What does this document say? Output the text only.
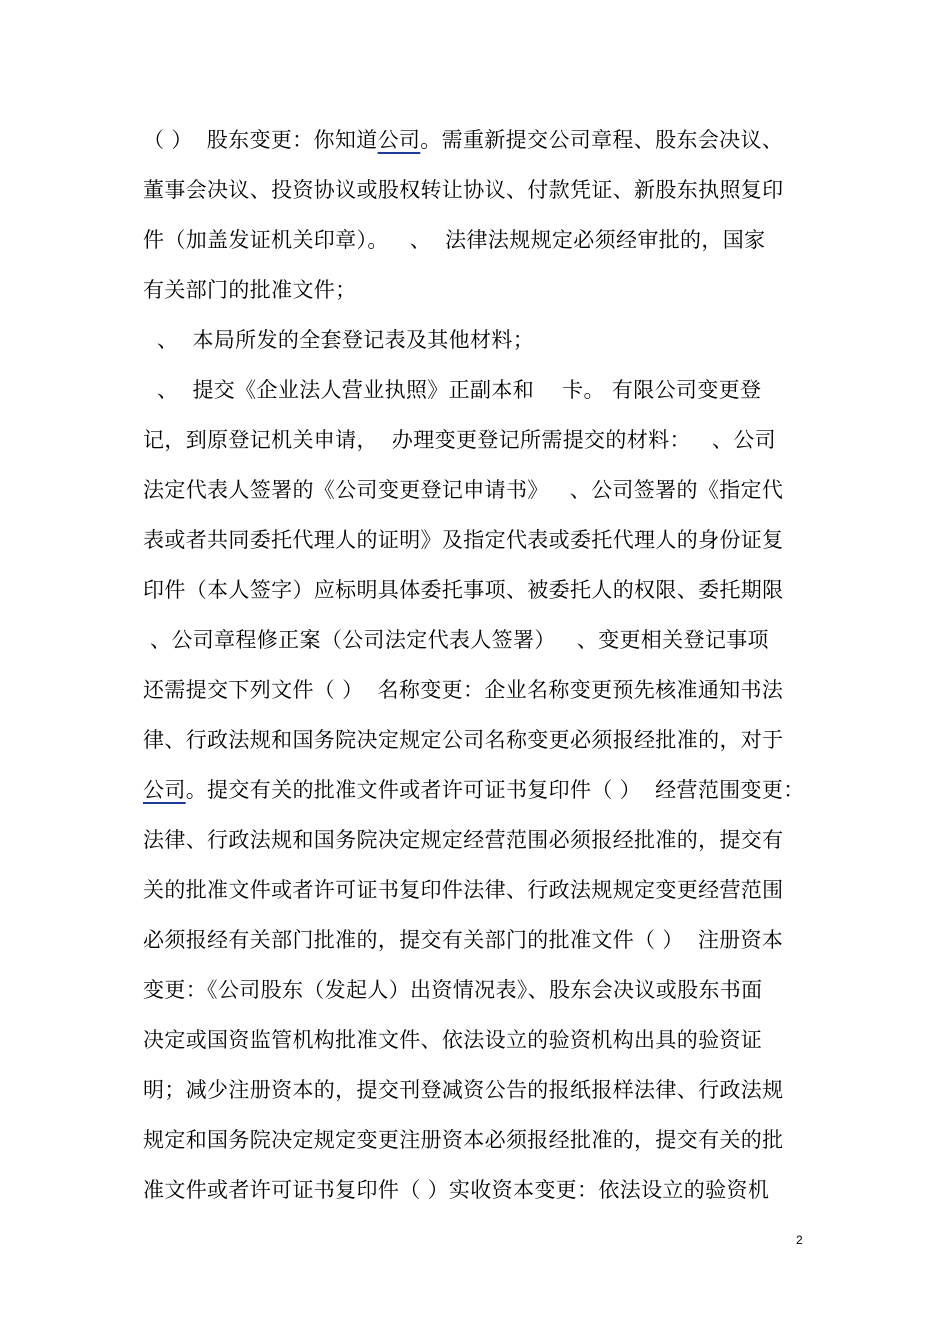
（ ）  股东变更：你知道公司。需重新提交公司章程、股东会决议、
董事会决议、投资协议或股权转让协议、付款凭证、新股东执照复印
件（加盖发证机关印章）。   、  法律法规规定必须经审批的，国家
有关部门的批准文件；
、  本局所发的全套登记表及其他材料；
、  提交《企业法人营业执照》正副本和    卡。 有限公司变更登
记，到原登记机关申请，  办理变更登记所需提交的材料：   、公司
法定代表人签署的《公司变更登记申请书》   、公司签署的《指定代
表或者共同委托代理人的证明》及指定代表或委托代理人的身份证复
印件（本人签字）应标明具体委托事项、被委托人的权限、委托期限
、公司章程修正案（公司法定代表人签署）   、变更相关登记事项
还需提交下列文件（ ）  名称变更：企业名称变更预先核准通知书法
律、行政法规和国务院决定规定公司名称变更必须报经批准的，对于
公司。提交有关的批准文件或者许可证书复印件（ ）  经营范围变更：
法律、行政法规和国务院决定规定经营范围必须报经批准的，提交有
关的批准文件或者许可证书复印件法律、行政法规规定变更经营范围
必须报经有关部门批准的，提交有关部门的批准文件（ ）  注册资本
变更：《公司股东（发起人）出资情况表》、股东会决议或股东书面
决定或国资监管机构批准文件、依法设立的验资机构出具的验资证
明；减少注册资本的，提交刊登减资公告的报纸报样法律、行政法规
规定和国务院决定规定变更注册资本必须报经批准的，提交有关的批
准文件或者许可证书复印件（ ）实收资本变更：依法设立的验资机
2
